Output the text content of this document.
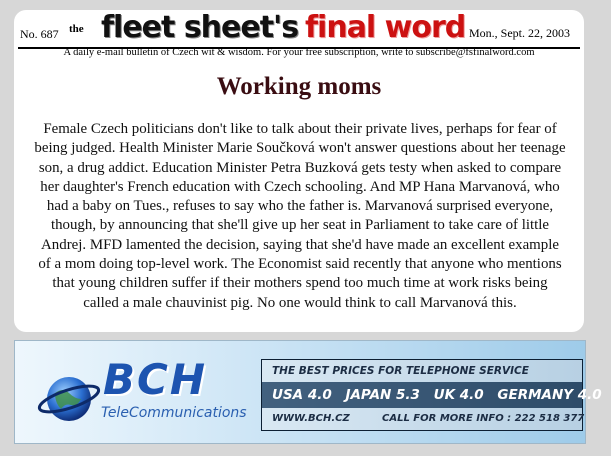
No. 687 the fleet sheet's final word Mon., Sept. 22, 2003
A daily e-mail bulletin of Czech wit & wisdom. For your free subscription, write to subscribe@fsfinalword.com
Working moms

Female Czech politicians don't like to talk about their private lives, perhaps for fear of being judged. Health Minister Marie Součková won't answer questions about her teenage son, a drug addict. Education Minister Petra Buzková gets testy when asked to compare her daughter's French education with Czech schooling. And MP Hana Marvanová, who had a baby on Tues., refuses to say who the father is. Marvanová surprised everyone, though, by announcing that she'll give up her seat in Parliament to take care of little Andrej. MFD lamented the decision, saying that she'd have made an excellent example of a mom doing top-level work. The Economist said recently that anyone who mentions that young children suffer if their mothers spend too much time at work risks being called a male chauvinist pig. No one would think to call Marvanová this.

BCH
TeleCommunications
THE BEST PRICES FOR TELEPHONE SERVICE
USA 4.0 JAPAN 5.3 UK 4.0 GERMANY 4.0
WWW.BCH.CZ	CALL FOR MORE INFO : 222 518 377
